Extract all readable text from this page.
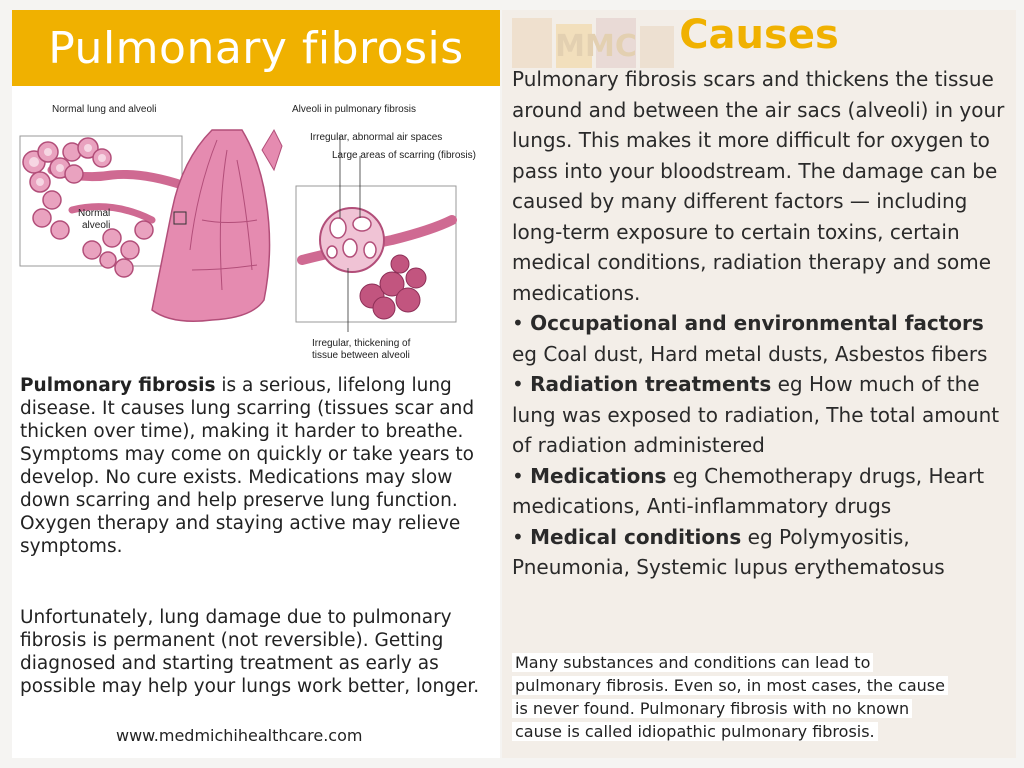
Pulmonary fibrosis
Normal lung and alveoli	Alveoli in pulmonary fibrosis
Normal
alveoli
Irregular, abnormal air spaces
Large areas of scarring (fibrosis)
Irregular, thickening of
tissue between alveoli

Pulmonary fibrosis is a serious, lifelong lung disease. It causes lung scarring (tissues scar and thicken over time), making it harder to breathe. Symptoms may come on quickly or take years to develop. No cure exists. Medications may slow down scarring and help preserve lung function. Oxygen therapy and staying active may relieve symptoms.

Unfortunately, lung damage due to pulmonary fibrosis is permanent (not reversible). Getting diagnosed and starting treatment as early as possible may help your lungs work better, longer.

www.medmichihealthcare.com
MMC	Causes

Pulmonary fibrosis scars and thickens the tissue around and between the air sacs (alveoli) in your lungs. This makes it more difficult for oxygen to pass into your bloodstream. The damage can be caused by many different factors — including long-term exposure to certain toxins, certain medical conditions, radiation therapy and some medications.

• Occupational and environmental factors eg Coal dust, Hard metal dusts, Asbestos fibers

• Radiation treatments eg How much of the lung was exposed to radiation, The total amount of radiation administered

• Medications eg Chemotherapy drugs, Heart medications, Anti-inflammatory drugs

• Medical conditions eg Polymyositis, Pneumonia, Systemic lupus erythematosus

Many substances and conditions can lead to
pulmonary fibrosis. Even so, in most cases, the cause
is never found. Pulmonary fibrosis with no known
cause is called idiopathic pulmonary fibrosis.
